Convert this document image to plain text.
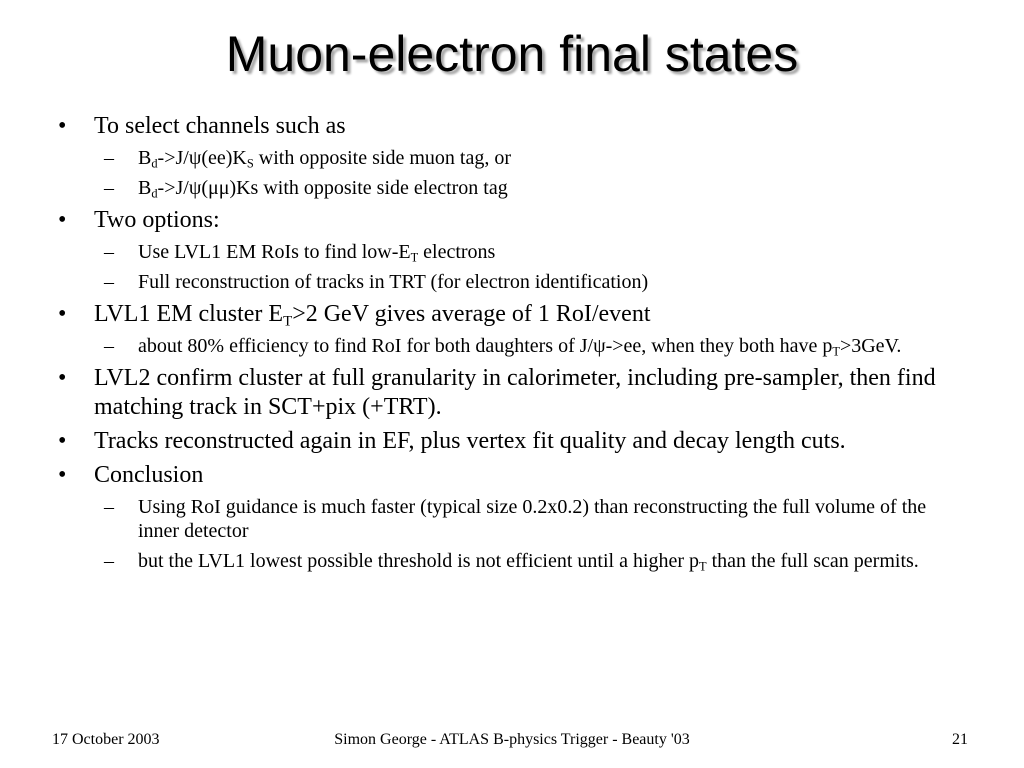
Muon-electron final states
• To select channels such as
– $B_d->J/\psi(ee)K_S$ with opposite side muon tag, or
– $B_d->J/\psi(\mu\mu)Ks$ with opposite side electron tag
• Two options:
– Use LVL1 EM RoIs to find low-$E_T$ electrons
– Full reconstruction of tracks in TRT (for electron identification)
• LVL1 EM cluster $E_T>2$ GeV gives average of 1 RoI/event
– about 80% efficiency to find RoI for both daughters of J/ψ->ee, when they both have $p_T>3GeV$.
• LVL2 confirm cluster at full granularity in calorimeter, including pre-sampler, then find matching track in SCT+pix (+TRT).
• Tracks reconstructed again in EF, plus vertex fit quality and decay length cuts.
• Conclusion
– Using RoI guidance is much faster (typical size 0.2x0.2) than reconstructing the full volume of the inner detector
– but the LVL1 lowest possible threshold is not efficient until a higher $p_T$ than the full scan permits.
17 October 2003	Simon George - ATLAS B-physics Trigger - Beauty '03	21
